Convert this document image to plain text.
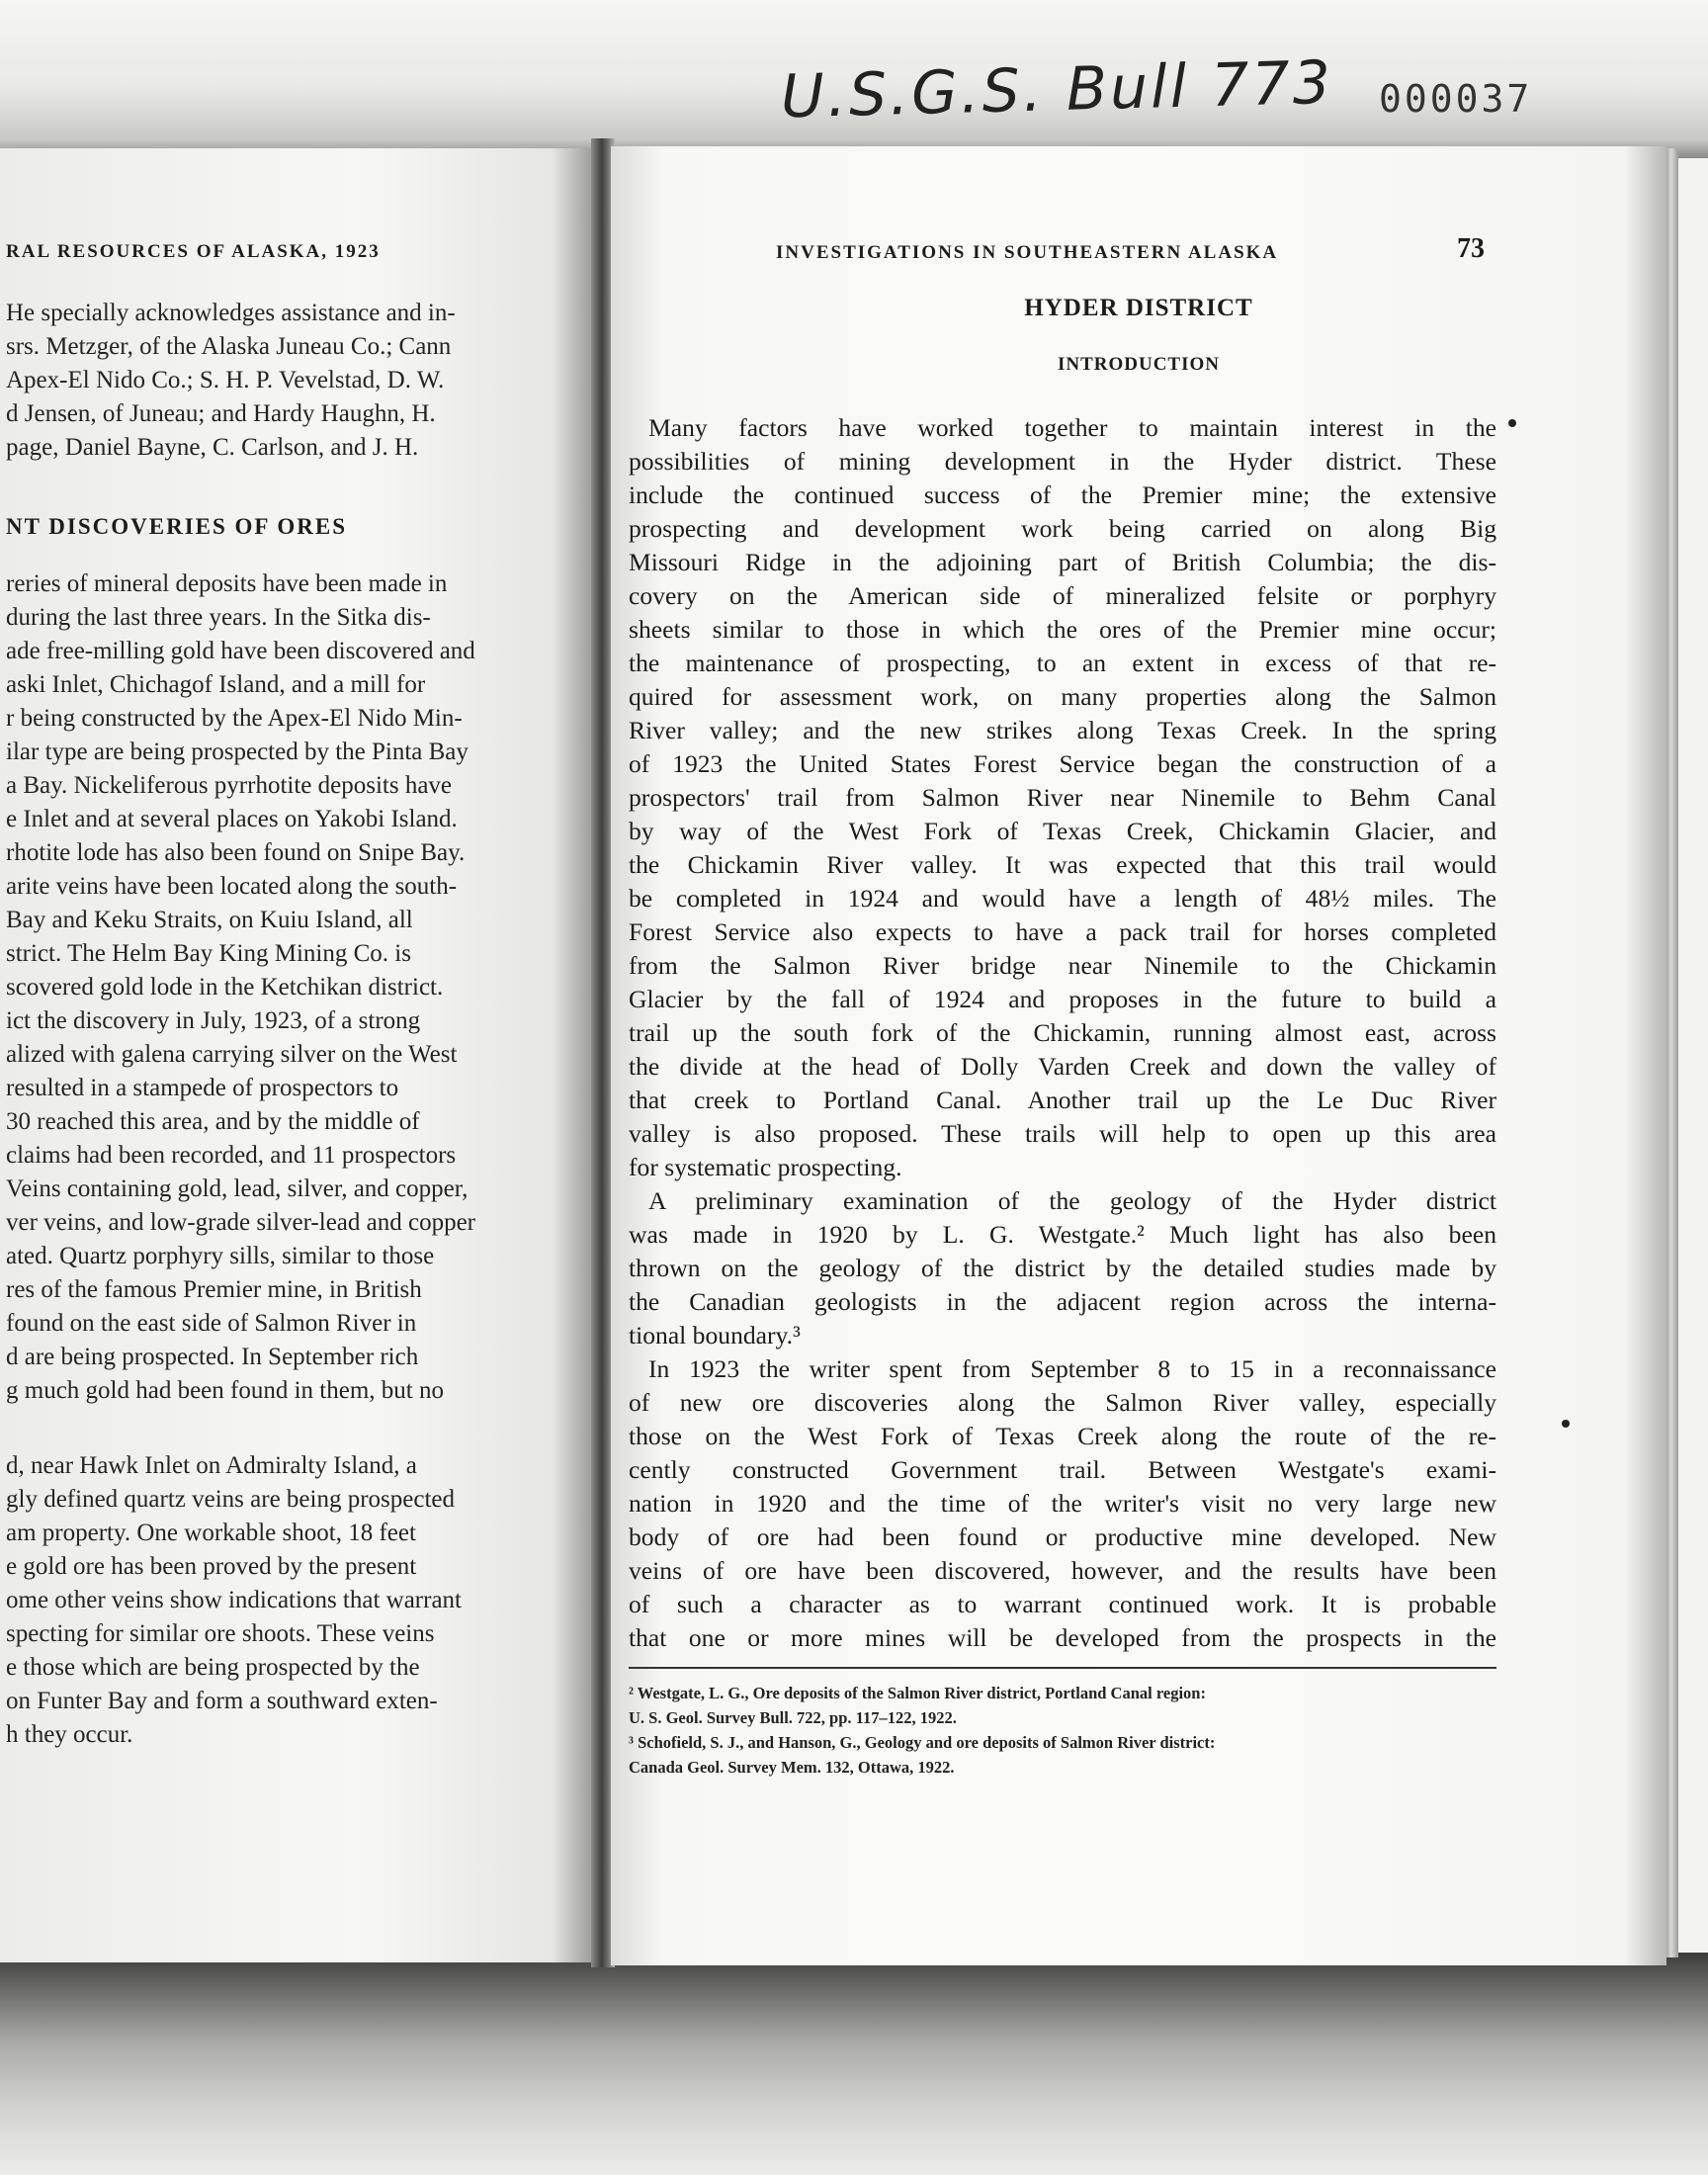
U.S.G.S. Bull 773	000037
RAL RESOURCES OF ALASKA, 1923
He specially acknowledges assistance and in-
srs. Metzger, of the Alaska Juneau Co.; Cann
Apex-El Nido Co.; S. H. P. Vevelstad, D. W.
d Jensen, of Juneau; and Hardy Haughn, H.
page, Daniel Bayne, C. Carlson, and J. H.
NT DISCOVERIES OF ORES
reries of mineral deposits have been made in
during the last three years. In the Sitka dis-
ade free-milling gold have been discovered and
aski Inlet, Chichagof Island, and a mill for
r being constructed by the Apex-El Nido Min-
ilar type are being prospected by the Pinta Bay
a Bay. Nickeliferous pyrrhotite deposits have
e Inlet and at several places on Yakobi Island.
rhotite lode has also been found on Snipe Bay.
arite veins have been located along the south-
Bay and Keku Straits, on Kuiu Island, all
strict. The Helm Bay King Mining Co. is
scovered gold lode in the Ketchikan district.
ict the discovery in July, 1923, of a strong
alized with galena carrying silver on the West
resulted in a stampede of prospectors to
30 reached this area, and by the middle of
claims had been recorded, and 11 prospectors
Veins containing gold, lead, silver, and copper,
ver veins, and low-grade silver-lead and copper
ated. Quartz porphyry sills, similar to those
res of the famous Premier mine, in British
found on the east side of Salmon River in
d are being prospected. In September rich
g much gold had been found in them, but no
d, near Hawk Inlet on Admiralty Island, a
gly defined quartz veins are being prospected
am property. One workable shoot, 18 feet
e gold ore has been proved by the present
ome other veins show indications that warrant
specting for similar ore shoots. These veins
e those which are being prospected by the
on Funter Bay and form a southward exten-
h they occur.
INVESTIGATIONS IN SOUTHEASTERN ALASKA	73
HYDER DISTRICT
INTRODUCTION
Many factors have worked together to maintain interest in the
possibilities of mining development in the Hyder district. These
include the continued success of the Premier mine; the extensive
prospecting and development work being carried on along Big
Missouri Ridge in the adjoining part of British Columbia; the dis-
covery on the American side of mineralized felsite or porphyry
sheets similar to those in which the ores of the Premier mine occur;
the maintenance of prospecting, to an extent in excess of that re-
quired for assessment work, on many properties along the Salmon
River valley; and the new strikes along Texas Creek. In the spring
of 1923 the United States Forest Service began the construction of a
prospectors' trail from Salmon River near Ninemile to Behm Canal
by way of the West Fork of Texas Creek, Chickamin Glacier, and
the Chickamin River valley. It was expected that this trail would
be completed in 1924 and would have a length of 48½ miles. The
Forest Service also expects to have a pack trail for horses completed
from the Salmon River bridge near Ninemile to the Chickamin
Glacier by the fall of 1924 and proposes in the future to build a
trail up the south fork of the Chickamin, running almost east, across
the divide at the head of Dolly Varden Creek and down the valley of
that creek to Portland Canal. Another trail up the Le Duc River
valley is also proposed. These trails will help to open up this area
for systematic prospecting.
A preliminary examination of the geology of the Hyder district
was made in 1920 by L. G. Westgate.² Much light has also been
thrown on the geology of the district by the detailed studies made by
the Canadian geologists in the adjacent region across the interna-
tional boundary.³
In 1923 the writer spent from September 8 to 15 in a reconnaissance
of new ore discoveries along the Salmon River valley, especially
those on the West Fork of Texas Creek along the route of the re-
cently constructed Government trail. Between Westgate's exami-
nation in 1920 and the time of the writer's visit no very large new
body of ore had been found or productive mine developed. New
veins of ore have been discovered, however, and the results have been
of such a character as to warrant continued work. It is probable
that one or more mines will be developed from the prospects in the
² Westgate, L. G., Ore deposits of the Salmon River district, Portland Canal region:
U. S. Geol. Survey Bull. 722, pp. 117–122, 1922.
³ Schofield, S. J., and Hanson, G., Geology and ore deposits of Salmon River district:
Canada Geol. Survey Mem. 132, Ottawa, 1922.
